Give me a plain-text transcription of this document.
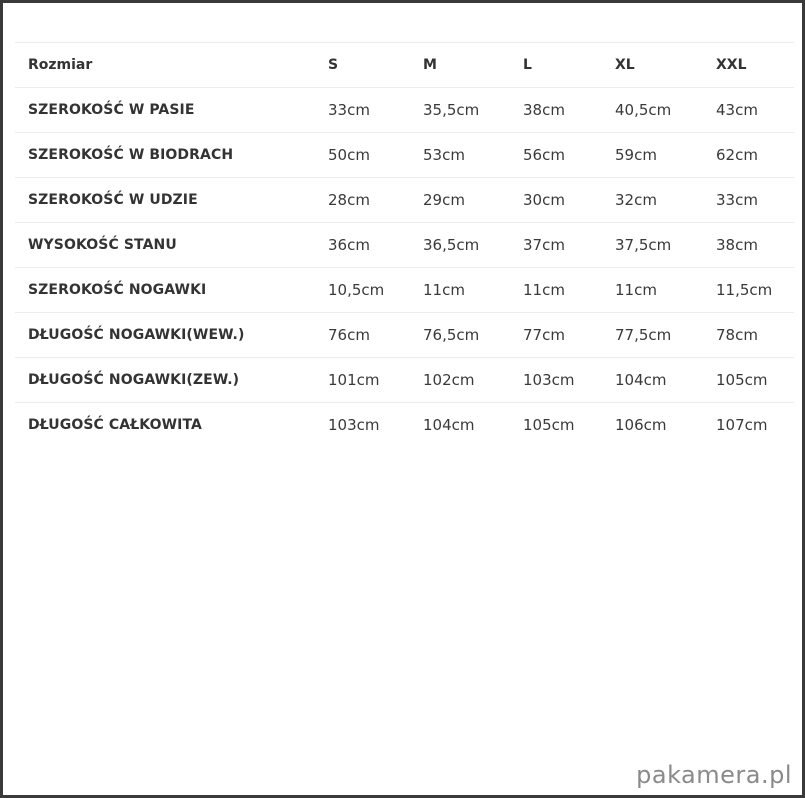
Rozmiar	S	M	L	XL	XXL
SZEROKOŚĆ W PASIE	33cm	35,5cm	38cm	40,5cm	43cm
SZEROKOŚĆ W BIODRACH	50cm	53cm	56cm	59cm	62cm
SZEROKOŚĆ W UDZIE	28cm	29cm	30cm	32cm	33cm
WYSOKOŚĆ STANU	36cm	36,5cm	37cm	37,5cm	38cm
SZEROKOŚĆ NOGAWKI	10,5cm	11cm	11cm	11cm	11,5cm
DŁUGOŚĆ NOGAWKI(WEW.)	76cm	76,5cm	77cm	77,5cm	78cm
DŁUGOŚĆ NOGAWKI(ZEW.)	101cm	102cm	103cm	104cm	105cm
DŁUGOŚĆ CAŁKOWITA	103cm	104cm	105cm	106cm	107cm
pakamera.pl
